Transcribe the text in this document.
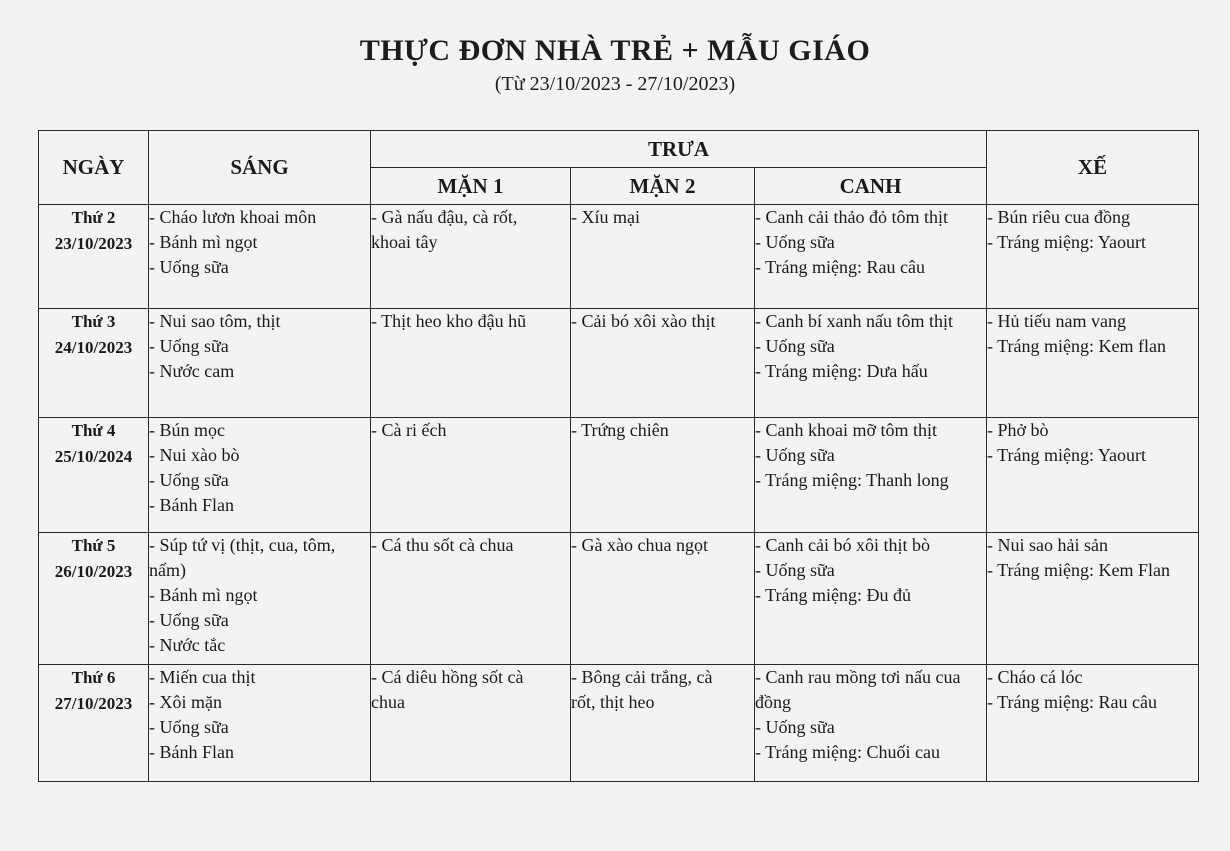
THỰC ĐƠN NHÀ TRẺ + MẪU GIÁO
(Từ 23/10/2023 - 27/10/2023)
NGÀY	SÁNG	TRƯA			XẾ
		MẶN 1	MẶN 2	CANH	

Thứ 2
23/10/2023	- Cháo lươn khoai môn
- Bánh mì ngọt
- Uống sữa	- Gà nấu đậu, cà rốt,
khoai tây	- Xíu mại	- Canh cải thảo đỏ tôm thịt
- Uống sữa
- Tráng miệng: Rau câu	- Bún riêu cua đồng
- Tráng miệng: Yaourt

Thứ 3
24/10/2023	- Nui sao tôm, thịt
- Uống sữa
- Nước cam	- Thịt heo kho đậu hũ	- Cải bó xôi xào thịt	- Canh bí xanh nấu tôm thịt
- Uống sữa
- Tráng miệng: Dưa hấu	- Hủ tiếu nam vang
- Tráng miệng: Kem flan

Thứ 4
25/10/2024	- Bún mọc
- Nui xào bò
- Uống sữa
- Bánh Flan	- Cà ri ếch	- Trứng chiên	- Canh khoai mỡ tôm thịt
- Uống sữa
- Tráng miệng: Thanh long	- Phở bò
- Tráng miệng: Yaourt

Thứ 5
26/10/2023	- Súp tứ vị (thịt, cua, tôm,
nấm)
- Bánh mì ngọt
- Uống sữa
- Nước tắc	- Cá thu sốt cà chua	- Gà xào chua ngọt	- Canh cải bó xôi thịt bò
- Uống sữa
- Tráng miệng: Đu đủ	- Nui sao hải sản
- Tráng miệng: Kem Flan

Thứ 6
27/10/2023	- Miến cua thịt
- Xôi mặn
- Uống sữa
- Bánh Flan	- Cá diêu hồng sốt cà
chua	- Bông cải trắng, cà
rốt, thịt heo	- Canh rau mồng tơi nấu cua
đồng
- Uống sữa
- Tráng miệng: Chuối cau	- Cháo cá lóc
- Tráng miệng: Rau câu
